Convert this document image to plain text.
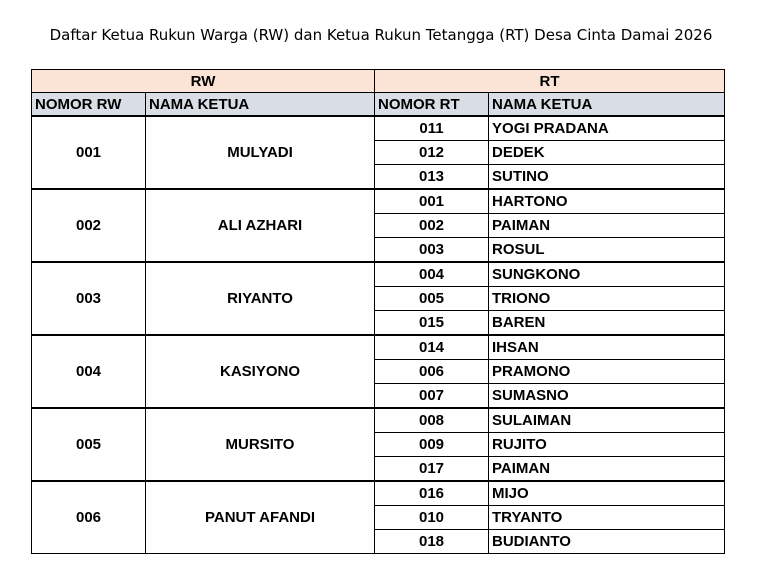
Daftar Ketua Rukun Warga (RW) dan Ketua Rukun Tetangga (RT) Desa Cinta Damai 2026
RW		RT	
NOMOR RW	NAMA KETUA	NOMOR RT	NAMA KETUA
001	MULYADI	011	YOGI PRADANA
		012	DEDEK
		013	SUTINO
002	ALI AZHARI	001	HARTONO
		002	PAIMAN
		003	ROSUL
003	RIYANTO	004	SUNGKONO
		005	TRIONO
		015	BAREN
004	KASIYONO	014	IHSAN
		006	PRAMONO
		007	SUMASNO
005	MURSITO	008	SULAIMAN
		009	RUJITO
		017	PAIMAN
006	PANUT AFANDI	016	MIJO
		010	TRYANTO
		018	BUDIANTO
